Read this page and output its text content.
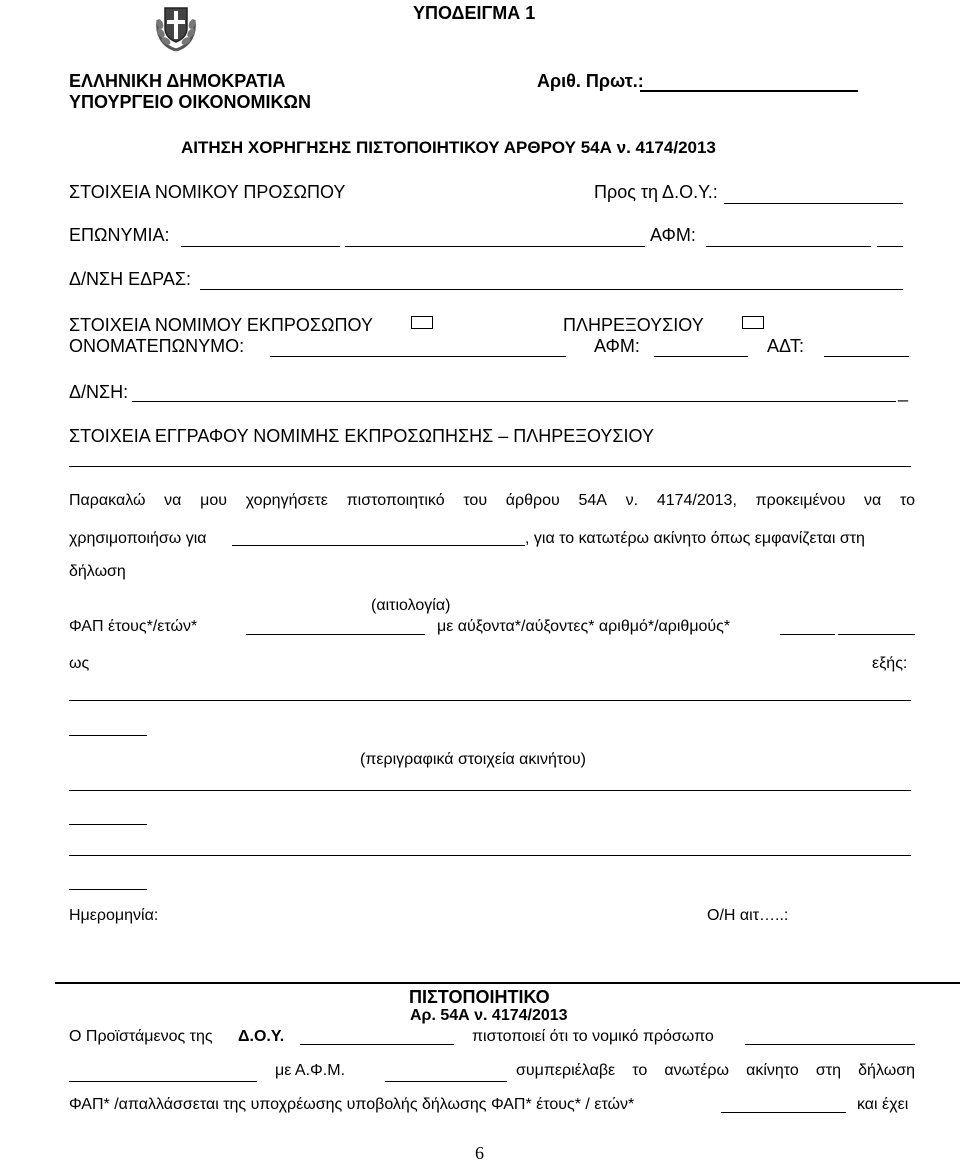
ΥΠΟΔΕΙΓΜΑ 1
ΕΛΛΗΝΙΚΗ ΔΗΜΟΚΡΑΤΙΑ
ΥΠΟΥΡΓΕΙΟ ΟΙΚΟΝΟΜΙΚΩΝ
Αριθ. Πρωτ.:
ΑΙΤΗΣΗ ΧΟΡΗΓΗΣΗΣ ΠΙΣΤΟΠΟΙΗΤΙΚΟΥ ΑΡΘΡΟΥ 54Α ν. 4174/2013
ΣΤΟΙΧΕΙΑ ΝΟΜΙΚΟΥ ΠΡΟΣΩΠΟΥ	Προς τη Δ.Ο.Υ.:
ΕΠΩΝΥΜΙΑ:	ΑΦΜ:
Δ/ΝΣΗ ΕΔΡΑΣ:
ΣΤΟΙΧΕΙΑ ΝΟΜΙΜΟΥ ΕΚΠΡΟΣΩΠΟΥ	ΠΛΗΡΕΞΟΥΣΙΟΥ
ΟΝΟΜΑΤΕΠΩΝΥΜΟ:	ΑΦΜ:	ΑΔΤ:
Δ/ΝΣΗ:	_
ΣΤΟΙΧΕΙΑ ΕΓΓΡΑΦΟΥ ΝΟΜΙΜΗΣ ΕΚΠΡΟΣΩΠΗΣΗΣ – ΠΛΗΡΕΞΟΥΣΙΟΥ
Παρακαλώ να μου χορηγήσετε πιστοποιητικό του άρθρου 54Α ν. 4174/2013, προκειμένου να το
χρησιμοποιήσω για	, για το κατωτέρω ακίνητο όπως εμφανίζεται στη
δήλωση
(αιτιολογία)
ΦΑΠ έτους*/ετών*	με αύξοντα*/αύξοντες* αριθμό*/αριθμούς*
ως	εξής:
(περιγραφικά στοιχεία ακινήτου)
Ημερομηνία:	Ο/Η αιτ…..:
ΠΙΣΤΟΠΟΙΗΤΙΚΟ
Αρ. 54Α ν. 4174/2013
Ο Προϊστάμενος της Δ.Ο.Υ.	πιστοποιεί ότι το νομικό πρόσωπο
με Α.Φ.Μ.	συμπεριέλαβε το ανωτέρω ακίνητο στη δήλωση
ΦΑΠ* /απαλλάσσεται της υποχρέωσης υποβολής δήλωσης ΦΑΠ* έτους* / ετών*	και έχει
6
